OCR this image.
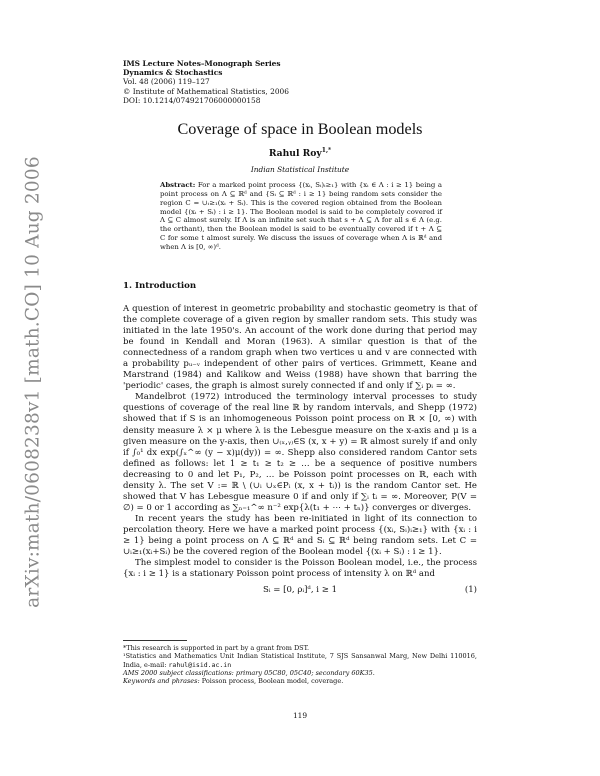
arXiv:math/0608238v1 [math.CO] 10 Aug 2006
IMS Lecture Notes–Monograph Series
Dynamics & Stochastics
Vol. 48 (2006) 119–127
© Institute of Mathematical Statistics, 2006
DOI: 10.1214/074921706000000158
Coverage of space in Boolean models
Rahul Roy$^{1,*}$
Indian Statistical Institute

Abstract: For a marked point process {(xᵢ, Sᵢ)ᵢ≥₁} with {xᵢ ∈ Λ : i ≥ 1} being a point process on Λ ⊆ ℝᵈ and {Sᵢ ⊆ ℝᵈ : i ≥ 1} being random sets consider the region C = ∪ᵢ≥₁(xᵢ + Sᵢ). This is the covered region obtained from the Boolean model {(xᵢ + Sᵢ) : i ≥ 1}. The Boolean model is said to be completely covered if Λ ⊆ C almost surely. If Λ is an infinite set such that s + Λ ⊆ Λ for all s ∈ Λ (e.g. the orthant), then the Boolean model is said to be eventually covered if t + Λ ⊆ C for some t almost surely. We discuss the issues of coverage when Λ is ℝᵈ and when Λ is [0, ∞)ᵈ.

1. Introduction

A question of interest in geometric probability and stochastic geometry is that of the complete coverage of a given region by smaller random sets. This study was initiated in the late 1950's. An account of the work done during that period may be found in Kendall and Moran (1963). A similar question is that of the connectedness of a random graph when two vertices u and v are connected with a probability pᵤ₋ᵥ independent of other pairs of vertices. Grimmett, Keane and Marstrand (1984) and Kalikow and Weiss (1988) have shown that barring the 'periodic' cases, the graph is almost surely connected if and only if ∑ᵢ pᵢ = ∞.

Mandelbrot (1972) introduced the terminology interval processes to study questions of coverage of the real line ℝ by random intervals, and Shepp (1972) showed that if S is an inhomogeneous Poisson point process on ℝ × [0, ∞) with density measure λ × μ where λ is the Lebesgue measure on the x-axis and μ is a given measure on the y-axis, then ∪₍ₓ,ᵧ₎∈S (x, x + y) = ℝ almost surely if and only if ∫₀¹ dx exp(∫ₓ^∞ (y − x)μ(dy)) = ∞. Shepp also considered random Cantor sets defined as follows: let 1 ≥ t₁ ≥ t₂ ≥ … be a sequence of positive numbers decreasing to 0 and let P₁, P₂, … be Poisson point processes on ℝ, each with density λ. The set V := ℝ \ (∪ᵢ ∪ₓ∈Pᵢ (x, x + tᵢ)) is the random Cantor set. He showed that V has Lebesgue measure 0 if and only if ∑ᵢ tᵢ = ∞. Moreover, P(V = ∅) = 0 or 1 according as ∑ₙ₌₁^∞ n⁻² exp{λ(t₁ + ⋯ + tₙ)} converges or diverges.

In recent years the study has been re-initiated in light of its connection to percolation theory. Here we have a marked point process {(xᵢ, Sᵢ)ᵢ≥₁} with {xᵢ : i ≥ 1} being a point process on Λ ⊆ ℝᵈ and Sᵢ ⊆ ℝᵈ being random sets. Let C = ∪ᵢ≥₁(xᵢ+Sᵢ) be the covered region of the Boolean model {(xᵢ + Sᵢ) : i ≥ 1}.

The simplest model to consider is the Poisson Boolean model, i.e., the process {xᵢ : i ≥ 1} is a stationary Poisson point process of intensity λ on ℝᵈ and

Sᵢ = [0, ρᵢ]ᵈ, i ≥ 1	(1)

*This research is supported in part by a grant from DST.

¹Statistics and Mathematics Unit Indian Statistical Institute, 7 SJS Sansanwal Marg, New Delhi 110016, India, e-mail: rahul@isid.ac.in

AMS 2000 subject classifications: primary 05C80, 05C40; secondary 60K35.

Keywords and phrases: Poisson process, Boolean model, coverage.

119
